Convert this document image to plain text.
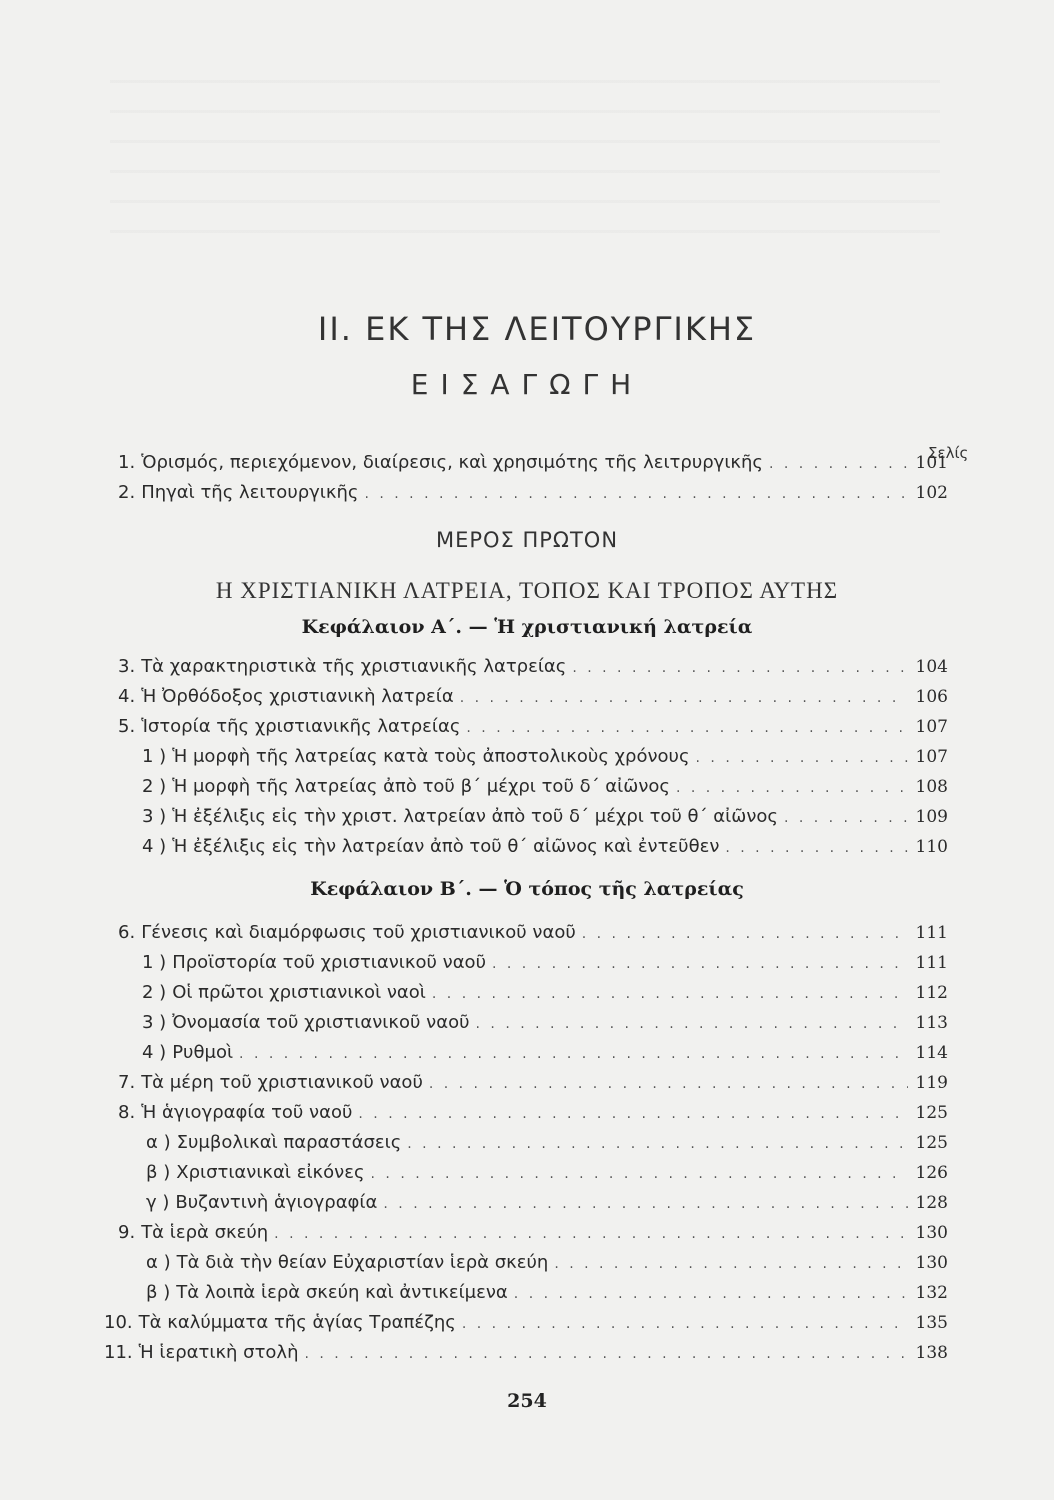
ΙΙ. ΕΚ ΤΗΣ ΛΕΙΤΟΥΡΓΙΚΗΣ
ΕΙΣΑΓΩΓΗ
Σελίς
1. Ὁρισμός, περιεχόμενον, διαίρεσις, καὶ χρησιμότης τῆς λειτρυργικῆς . . .	101
2. Πηγαὶ τῆς λειτουργικῆς . . .	102
ΜΕΡΟΣ ΠΡΩΤΟΝ
Η ΧΡΙΣΤΙΑΝΙΚΗ ΛΑΤΡΕΙΑ, ΤΟΠΟΣ ΚΑΙ ΤΡΟΠΟΣ ΑΥΤΗΣ
Κεφάλαιον Α΄. — Ἡ χριστιανική λατρεία
3. Τὰ χαρακτηριστικὰ τῆς χριστιανικῆς λατρείας . . .	104
4. Ἡ Ὀρθόδοξος χριστιανικὴ λατρεία . . .	106
5. Ἱστορία τῆς χριστιανικῆς λατρείας . . .	107
1 ) Ἡ μορφὴ τῆς λατρείας κατὰ τοὺς ἀποστολικοὺς χρόνους . . .	107
2 ) Ἡ μορφὴ τῆς λατρείας ἀπὸ τοῦ β΄ μέχρι τοῦ δ΄ αἰῶνος . . .	108
3 ) Ἡ ἐξέλιξις εἰς τὴν χριστ. λατρείαν ἀπὸ τοῦ δ΄ μέχρι τοῦ θ΄ αἰῶνος . . .	109
4 ) Ἡ ἐξέλιξις εἰς τὴν λατρείαν ἀπὸ τοῦ θ΄ αἰῶνος καὶ ἐντεῦθεν . . .	110
Κεφάλαιον Β΄. — Ὁ τόπος τῆς λατρείας
6. Γένεσις καὶ διαμόρφωσις τοῦ χριστιανικοῦ ναοῦ . . .	111
1 ) Προϊστορία τοῦ χριστιανικοῦ ναοῦ . . .	111
2 ) Οἱ πρῶτοι χριστιανικοὶ ναοὶ . . .	112
3 ) Ὀνομασία τοῦ χριστιανικοῦ ναοῦ . . .	113
4 ) Ρυθμοὶ . . .	114
7. Τὰ μέρη τοῦ χριστιανικοῦ ναοῦ . . .	119
8. Ἡ ἁγιογραφία τοῦ ναοῦ . . .	125
α ) Συμβολικαὶ παραστάσεις . . .	125
β ) Χριστιανικαὶ εἰκόνες . . .	126
γ ) Βυζαντινὴ ἁγιογραφία . . .	128
9. Τὰ ἱερὰ σκεύη . . .	130
α ) Τὰ διὰ τὴν θείαν Εὐχαριστίαν ἱερὰ σκεύη . . .	130
β ) Τὰ λοιπὰ ἱερὰ σκεύη καὶ ἀντικείμενα . . .	132
10. Τὰ καλύμματα τῆς ἁγίας Τραπέζης . . .	135
11. Ἡ ἱερατικὴ στολὴ . . .	138
254
